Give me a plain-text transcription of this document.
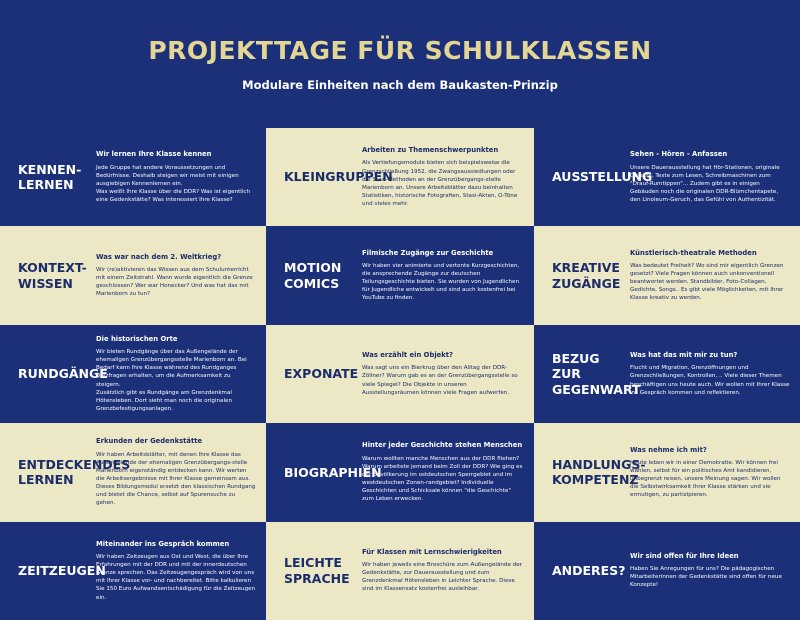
PROJEKTTAGE FÜR SCHULKLASSEN
Modulare Einheiten nach dem Baukasten-Prinzip
KENNEN-
LERNEN
Wir lernen Ihre Klasse kennen

Jede Gruppe hat andere Voraussetzungen und Bedürfnisse. Deshalb steigen wir meist mit einigen ausgiebigen Kennenlernen ein.
Was weißt Ihre Klasse über die DDR? Was ist eigentlich eine Gedenkstätte? Was interessiert Ihre Klasse?

KLEINGRUPPEN
Arbeiten zu Themenschwerpunkten

Als Vertiefungsmodule bieten sich beispielsweise die Grenzschließung 1952, die Zwangsaussiedlungen oder die Stasi-Methoden an der Grenzübergangs-stelle Marienborn an. Unsere Arbeitsblätter dazu beinhalten Statistiken, historische Fotografien, Stasi-Akten, O-Töne und vieles mehr.

AUSSTELLUNG
Sehen - Hören - Anfassen

Unsere Dauerausstellung hat Hör-Stationen, originale Objekte, Texte zum Lesen, Schreibmaschinen zum "Drauf-Rumtippen"... Zudem gibt es in einigen Gebäuden noch die originalen DDR-Blümchentapete, den Linoleum-Geruch, das Gefühl von Authentizität.

KONTEXT-
WISSEN
Was war nach dem 2. Weltkrieg?

Wir (re)aktivieren das Wissen aus dem Schulunterricht mit einem Zeitstrahl. Wann wurde eigentlich die Grenze geschlossen? Wer war Honecker? Und was hat das mit Marienborn zu tun?

MOTION
COMICS
Filmische Zugänge zur Geschichte

Wir haben vier animierte und vertonte Kurzgeschichten, die ansprechende Zugänge zur deutschen Teilungsgeschichte bieten. Sie wurden von Jugendlichen für Jugendliche entwickelt und sind auch kostenfrei bei YouTube zu finden.

KREATIVE
ZUGÄNGE
Künstlerisch-theatrale Methoden

Was bedeutet Freiheit? Wo sind mir eigentlich Grenzen gesetzt? Viele Fragen können auch unkonventionell beantwortet werden. Standbilder, Foto-Collagen, Gedichte, Songs.. Es gibt viele Möglichkeiten, mit Ihrer Klasse kreativ zu werden.

RUNDGÄNGE
Die historischen Orte

Wir bieten Rundgänge über das Außengelände der ehemaligen Grenzübergangsstelle Marienborn an. Bei Bedarf kann Ihre Klasse während des Rundganges Quizfragen erhalten, um die Aufmerksamkeit zu steigern.
Zusätzlich gibt es Rundgänge am Grenzdenkmal Hötensleben. Dort sieht man noch die originalen Grenzbefestigungsanlagen.

EXPONATE
Was erzählt ein Objekt?

Was sagt uns ein Bierkrug über den Alltag der DDR-Zöllner? Warum gab es an der Grenzübergangsstelle so viele Spiegel? Die Objekte in unseren Ausstellungsräumen können viele Fragen aufwerfen.

BEZUG ZUR
GEGENWART
Was hat das mit mir zu tun?

Flucht und Migration, Grenzöffnungen und Grenzschließungen, Kontrollen, .. Viele dieser Themen beschäftigen uns heute auch. Wir wollen mit Ihrer Klasse ins Gespräch kommen und reflektieren.

ENTDECKENDES
LERNEN
Erkunden der Gedenkstätte

Wir haben Arbeitsblätter, mit denen Ihre Klasse das Außengelände der ehemaligen Grenzübergangs-stelle Marienborn eigenständig entdecken kann. Wir werten die Arbeitsergebnisse mit Ihrer Klasse gemeinsam aus.
Dieses Bildungsmodul ersetzt den klassischen Rundgang und bietet die Chance, selbst auf Spurensuche zu gehen.

BIOGRAPHIEN
Hinter jeder Geschichte stehen Menschen

Warum wollten manche Menschen aus der DDR fliehen? Warum arbeitete jemand beim Zoll der DDR? Wie ging es der Bevölkerung im ostdeutschen Sperrgebiet und im westdeutschen Zonen-randgebiet? Individuelle Geschichten und Schicksale können "die Geschichte" zum Leben erwecken.

HANDLUNGS-
KOMPETENZ
Was nehme ich mit?

Heute leben wir in einer Demokratie. Wir können frei wählen, selbst für ein politisches Amt kandidieren, unbegrenzt reisen, unsere Meinung sagen. Wir wollen die Selbstwirksamkeit Ihrer Klasse stärken und sie ermutigen, zu partizipieren.

ZEITZEUGEN
Miteinander ins Gespräch kommen

Wir haben Zeitzeugen aus Ost und West, die über Ihre Erfahrungen mit der DDR und mit der innerdeutschen Grenze sprechen. Das Zeitzeugengespräch wird von uns mit Ihrer Klasse vor- und nachbereitet. Bitte kalkulieren Sie 150 Euro Aufwandsentschädigung für die Zeitzeugen ein.

LEICHTE
SPRACHE
Für Klassen mit Lernschwierigkeiten

Wir haben jeweils eine Broschüre zum Außengelände der Gedenkstätte, zur Dauerausstellung und zum Grenzdenkmal Hötensleben in Leichter Sprache. Diese sind im Klassensatz kostenfrei ausleihbar.

ANDERES?
Wir sind offen für Ihre Ideen

Haben Sie Anregungen für uns? Die pädagogischen Mitarbeiterinnen der Gedenkstätte sind offen für neue Konzepte!
